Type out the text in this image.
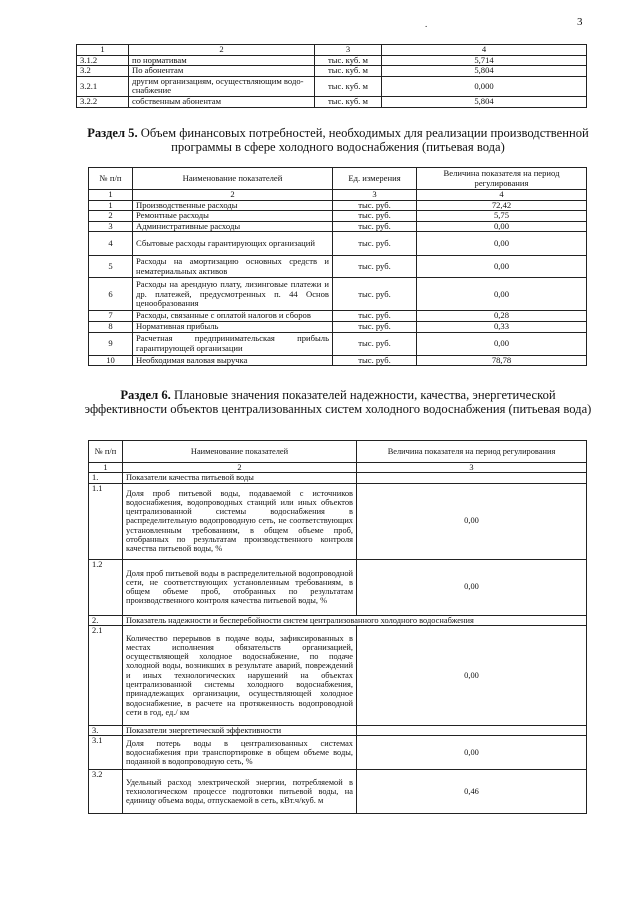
.	3
1	2	3	4
3.1.2	по нормативам	тыс. куб. м	5,714
3.2	По абонентам	тыс. куб. м	5,804
3.2.1	другим организациям, осуществляющим водо-снабжение	тыс. куб. м	0,000
3.2.2	собственным абонентам	тыс. куб. м	5,804
Раздел 5. Объем финансовых потребностей, необходимых для реализации производственной программы в сфере холодного водоснабжения (питьевая вода)
№ п/п	Наименование показателей	Ед. измерения	Величина показателя на период регулирования
1	2	3	4
1	Производственные расходы	тыс. руб.	72,42
2	Ремонтные расходы	тыс. руб.	5,75
3	Административные расходы	тыс. руб.	0,00
4	Сбытовые расходы гарантирующих организаций	тыс. руб.	0,00
5	Расходы на амортизацию основных средств и нематериальных активов	тыс. руб.	0,00
6	Расходы на арендную плату, лизинговые платежи и др. платежей, предусмотренных п. 44 Основ ценообразования	тыс. руб.	0,00
7	Расходы, связанные с оплатой налогов и сборов	тыс. руб.	0,28
8	Нормативная прибыль	тыс. руб.	0,33
9	Расчетная предпринимательская прибыль гарантирующей организации	тыс. руб.	0,00
10	Необходимая валовая выручка	тыс. руб.	78,78
Раздел 6. Плановые значения показателей надежности, качества, энергетической эффективности объектов централизованных систем холодного водоснабжения (питьевая вода)
№ п/п	Наименование показателей	Величина показателя на период регулирования
1	2	3
1.	Показатели качества питьевой воды	
1.1	Доля проб питьевой воды, подаваемой с источников водоснабжения, водопроводных станций или иных объектов централизованной системы водоснабжения в распределительную водопроводную сеть, не соответствующих установленным требованиям, в общем объеме проб, отобранных по результатам производственного контроля качества питьевой воды, %	0,00
1.2	Доля проб питьевой воды в распределительной водопроводной сети, не соответствующих установленным требованиям, в общем объеме проб, отобранных по результатам производственного контроля качества питьевой воды, %	0,00
2.	Показатель надежности и бесперебойности систем централизованного холодного водоснабжения	
2.1	Количество перерывов в подаче воды, зафиксированных в местах исполнения обязательств организацией, осуществляющей холодное водоснабжение, по подаче холодной воды, возникших в результате аварий, повреждений и иных технологических нарушений на объектах централизованной системы холодного водоснабжения, принадлежащих организации, осуществляющей холодное водоснабжение, в расчете на протяженность водопроводной сети в год, ед./ км	0,00
3.	Показатели энергетической эффективности	
3.1	Доля потерь воды в централизованных системах водоснабжения при транспортировке в общем объеме воды, поданной в водопроводную сеть, %	0,00
3.2	Удельный расход электрической энергии, потребляемой в технологическом процессе подготовки питьевой воды, на единицу объема воды, отпускаемой в сеть, кВт.ч/куб. м	0,46
